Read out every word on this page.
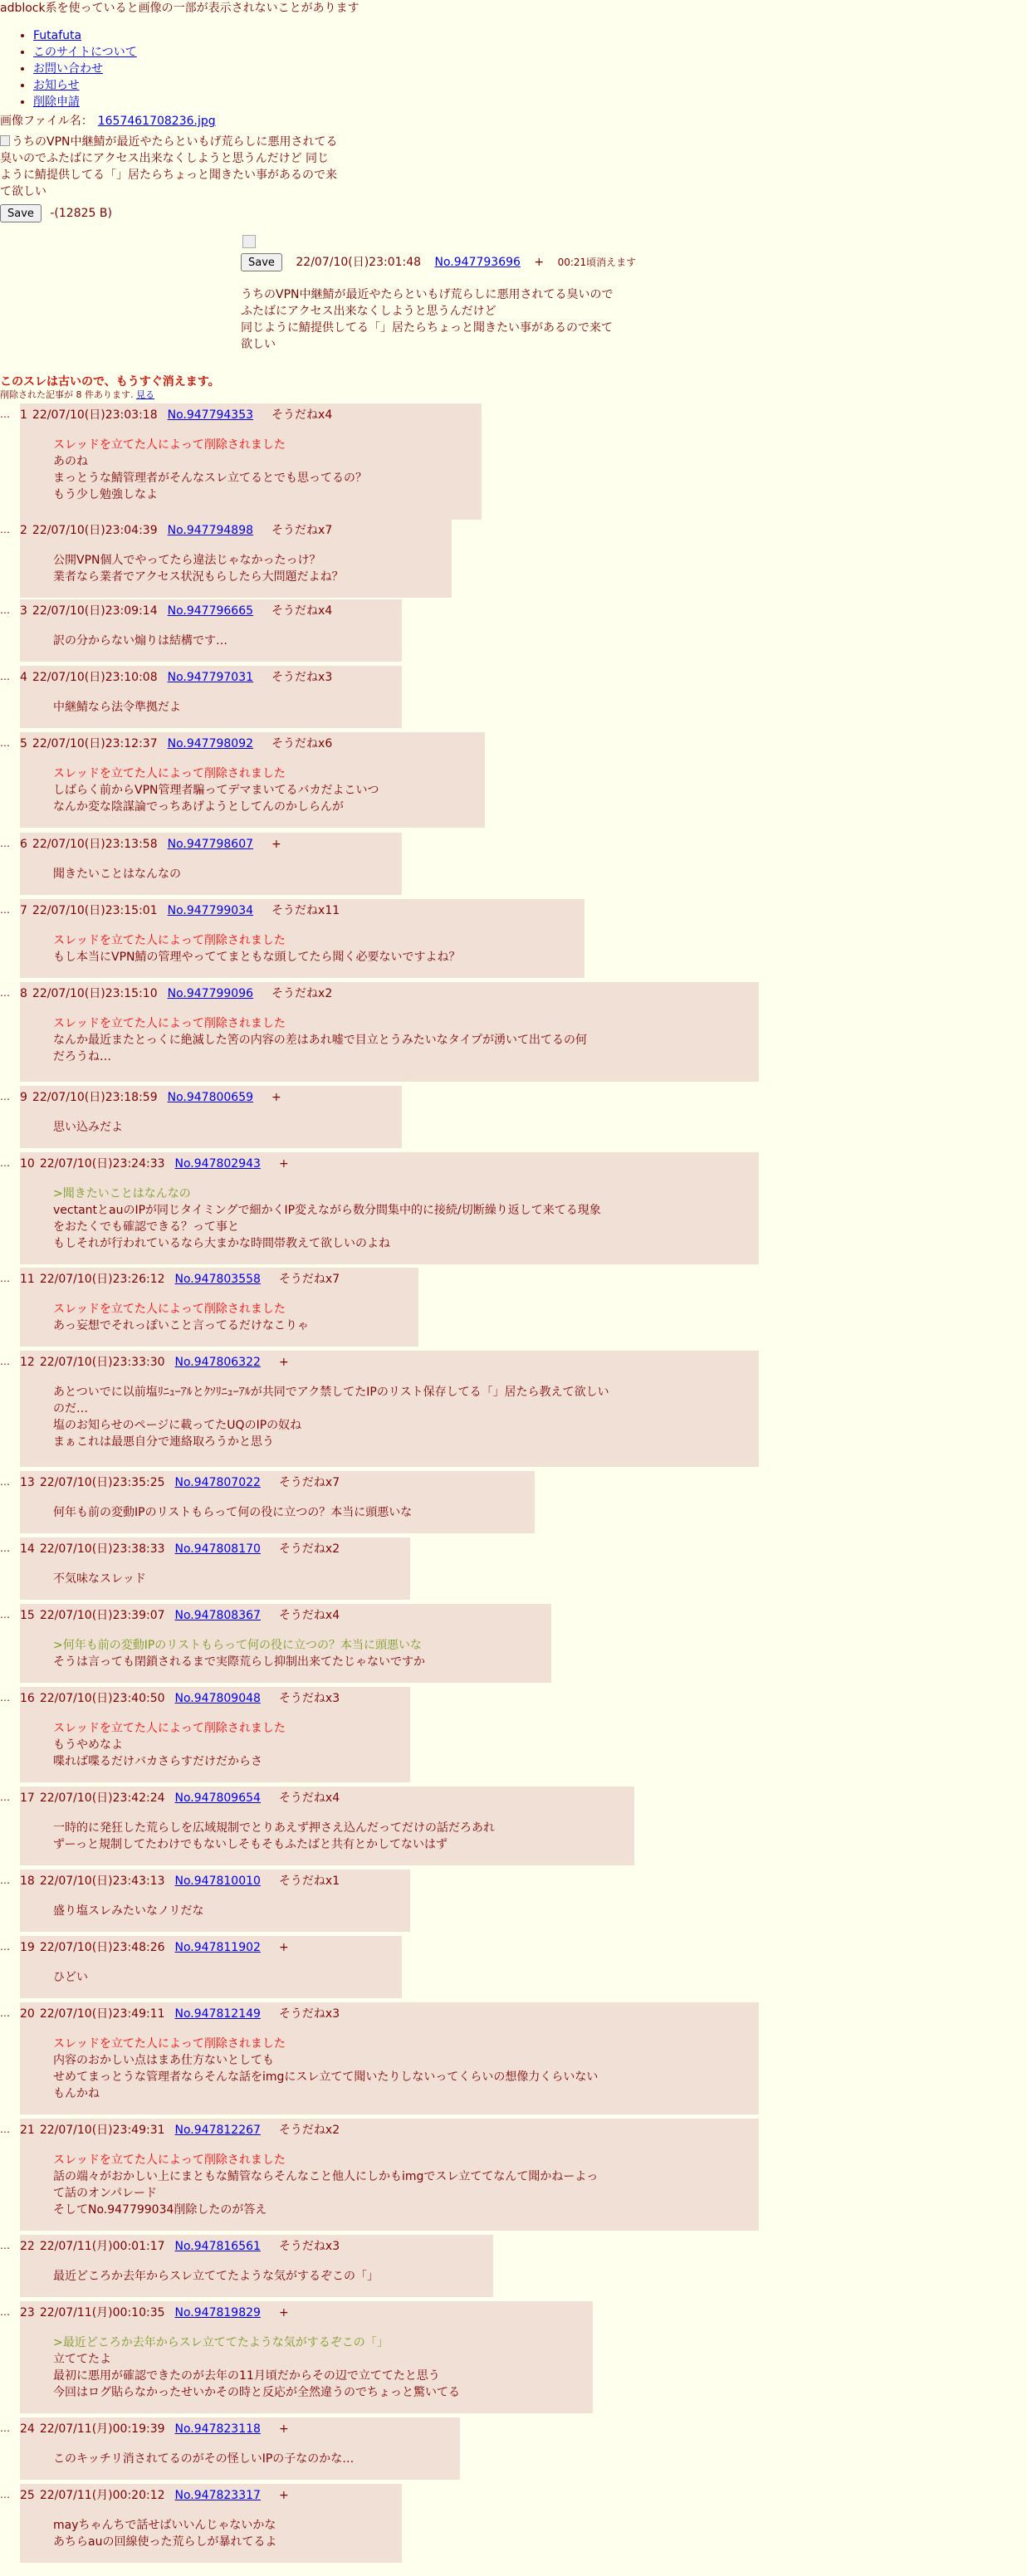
adblock系を使っていると画像の一部が表示されないことがあります
• Futafuta
• このサイトについて
• お問い合わせ
• お知らせ
• 削除申請
画像ファイル名： 1657461708236.jpg
うちのVPN中継鯖が最近やたらといもげ荒らしに悪用されてる臭いのでふたばにアクセス出来なくしようと思うんだけど 同じように鯖提供してる「」居たらちょっと聞きたい事があるので来て欲しい
Save -(12825 B)
Save 22/07/10(日)23:01:48 No.947793696 + 00:21頃消えます
うちのVPN中継鯖が最近やたらといもげ荒らしに悪用されてる臭いので
ふたばにアクセス出来なくしようと思うんだけど
同じように鯖提供してる「」居たらちょっと聞きたい事があるので来て
欲しい
このスレは古いので、もうすぐ消えます。
削除された記事が 8 件あります. 見る
… 1 22/07/10(日)23:03:18 No.947794353 そうだねx4
スレッドを立てた人によって削除されました
あのね
まっとうな鯖管理者がそんなスレ立てるとでも思ってるの？
もう少し勉強しなよ
… 2 22/07/10(日)23:04:39 No.947794898 そうだねx7
公開VPN個人でやってたら違法じゃなかったっけ？
業者なら業者でアクセス状況もらしたら大問題だよね？
… 3 22/07/10(日)23:09:14 No.947796665 そうだねx4
訳の分からない煽りは結構です…
… 4 22/07/10(日)23:10:08 No.947797031 そうだねx3
中継鯖なら法令準拠だよ
… 5 22/07/10(日)23:12:37 No.947798092 そうだねx6
スレッドを立てた人によって削除されました
しばらく前からVPN管理者騙ってデマまいてるバカだよこいつ
なんか変な陰謀論でっちあげようとしてんのかしらんが
… 6 22/07/10(日)23:13:58 No.947798607 +
聞きたいことはなんなの
… 7 22/07/10(日)23:15:01 No.947799034 そうだねx11
スレッドを立てた人によって削除されました
もし本当にVPN鯖の管理やっててまともな頭してたら聞く必要ないですよね？
… 8 22/07/10(日)23:15:10 No.947799096 そうだねx2
スレッドを立てた人によって削除されました
なんか最近またとっくに絶滅した筈の内容の差はあれ嘘で目立とうみたいなタイプが湧いて出てるの何
だろうね…
… 9 22/07/10(日)23:18:59 No.947800659 +
思い込みだよ
… 10 22/07/10(日)23:24:33 No.947802943 +
>聞きたいことはなんなの
vectantとauのIPが同じタイミングで細かくIP変えながら数分間集中的に接続/切断繰り返して来てる現象
をおたくでも確認できる？って事と
もしそれが行われているなら大まかな時間帯教えて欲しいのよね
… 11 22/07/10(日)23:26:12 No.947803558 そうだねx7
スレッドを立てた人によって削除されました
あっ妄想でそれっぽいこと言ってるだけなこりゃ
… 12 22/07/10(日)23:33:30 No.947806322 +
あとついでに以前塩ﾘﾆｭｰｱﾙとｸｿﾘﾆｭｰｱﾙが共同でアク禁してたIPのリスト保存してる「」居たら教えて欲しい
のだ…
塩のお知らせのページに載ってたUQのIPの奴ね
まぁこれは最悪自分で連絡取ろうかと思う
… 13 22/07/10(日)23:35:25 No.947807022 そうだねx7
何年も前の変動IPのリストもらって何の役に立つの？本当に頭悪いな
… 14 22/07/10(日)23:38:33 No.947808170 そうだねx2
不気味なスレッド
… 15 22/07/10(日)23:39:07 No.947808367 そうだねx4
>何年も前の変動IPのリストもらって何の役に立つの？本当に頭悪いな
そうは言っても閉鎖されるまで実際荒らし抑制出来てたじゃないですか
… 16 22/07/10(日)23:40:50 No.947809048 そうだねx3
スレッドを立てた人によって削除されました
もうやめなよ
喋れば喋るだけバカさらすだけだからさ
… 17 22/07/10(日)23:42:24 No.947809654 そうだねx4
一時的に発狂した荒らしを広域規制でとりあえず押さえ込んだってだけの話だろあれ
ずーっと規制してたわけでもないしそもそもふたばと共有とかしてないはず
… 18 22/07/10(日)23:43:13 No.947810010 そうだねx1
盛り塩スレみたいなノリだな
… 19 22/07/10(日)23:48:26 No.947811902 +
ひどい
… 20 22/07/10(日)23:49:11 No.947812149 そうだねx3
スレッドを立てた人によって削除されました
内容のおかしい点はまあ仕方ないとしても
せめてまっとうな管理者ならそんな話をimgにスレ立てて聞いたりしないってくらいの想像力くらいない
もんかね
… 21 22/07/10(日)23:49:31 No.947812267 そうだねx2
スレッドを立てた人によって削除されました
話の端々がおかしい上にまともな鯖管ならそんなこと他人にしかもimgでスレ立ててなんて聞かねーよっ
て話のオンパレード
そしてNo.947799034削除したのが答え
… 22 22/07/11(月)00:01:17 No.947816561 そうだねx3
最近どころか去年からスレ立ててたような気がするぞこの「」
… 23 22/07/11(月)00:10:35 No.947819829 +
>最近どころか去年からスレ立ててたような気がするぞこの「」
立ててたよ
最初に悪用が確認できたのが去年の11月頃だからその辺で立ててたと思う
今回はログ貼らなかったせいかその時と反応が全然違うのでちょっと驚いてる
… 24 22/07/11(月)00:19:39 No.947823118 +
このキッチリ消されてるのがその怪しいIPの子なのかな…
… 25 22/07/11(月)00:20:12 No.947823317 +
mayちゃんちで話せばいいんじゃないかな
あちらauの回線使った荒らしが暴れてるよ
